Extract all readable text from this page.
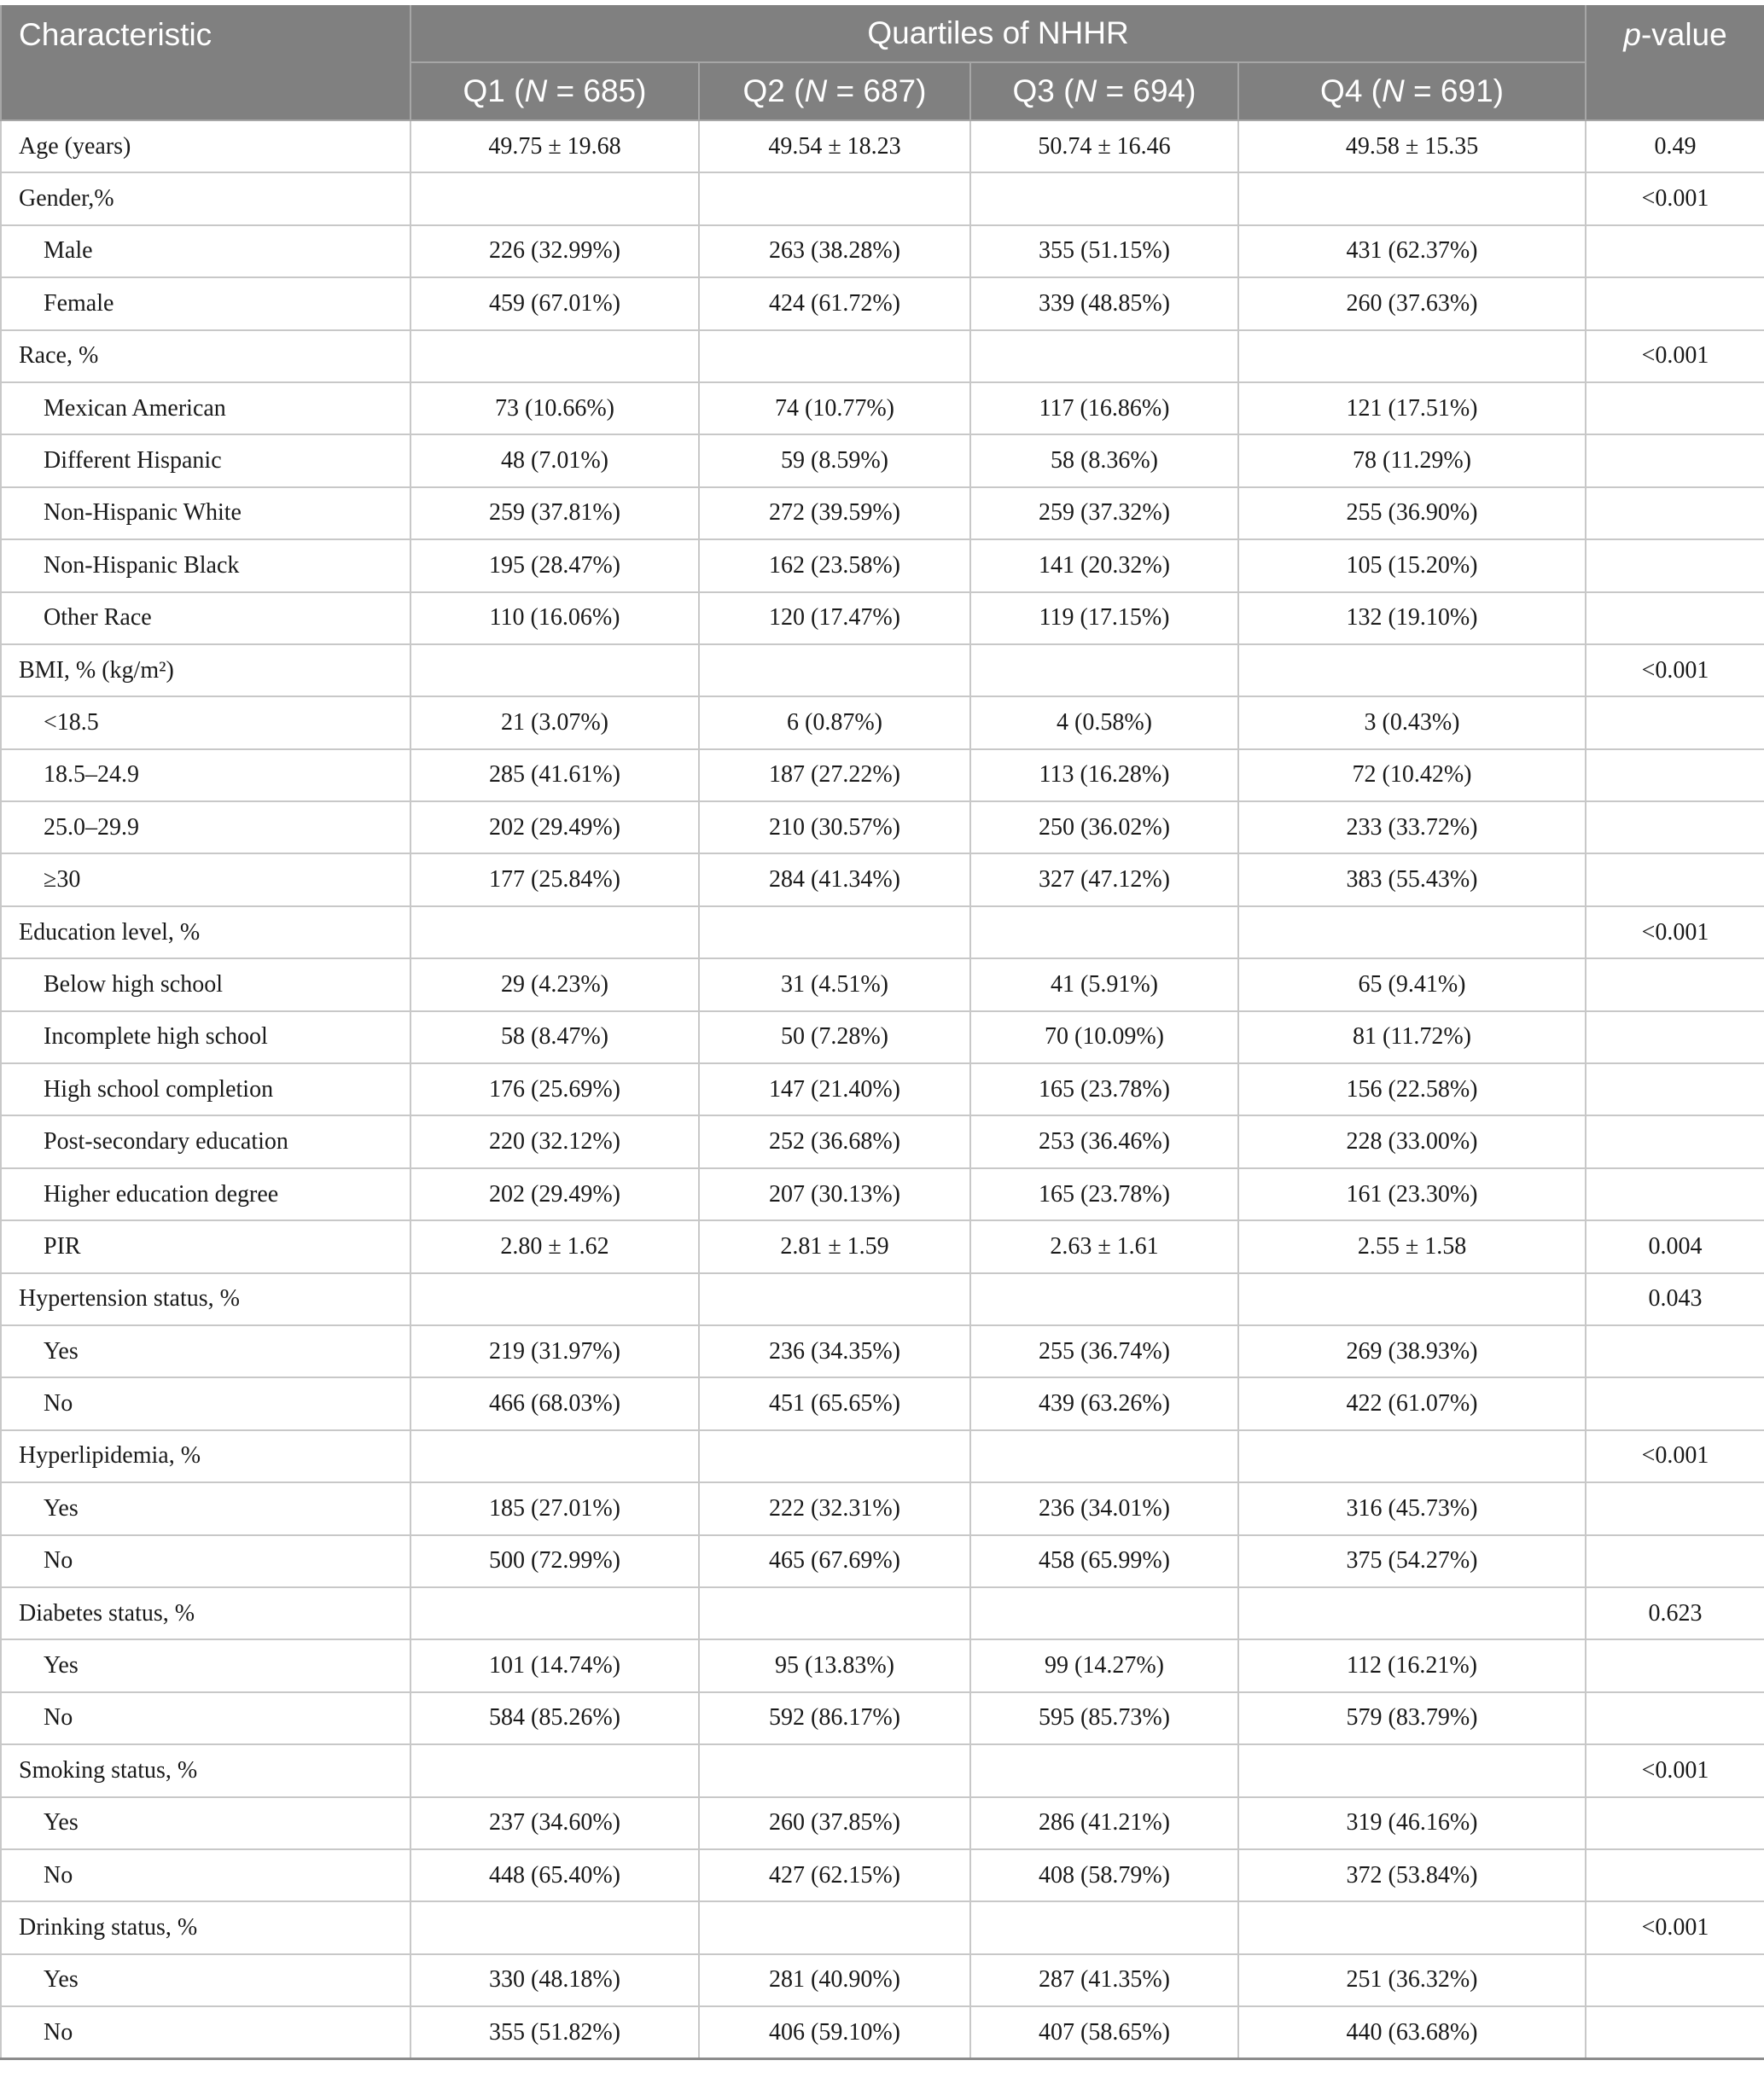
Characteristic	Quartiles of NHHR				p-value
	Q1 (N = 685)	Q2 (N = 687)	Q3 (N = 694)	Q4 (N = 691)	
Age (years)	49.75 ± 19.68	49.54 ± 18.23	50.74 ± 16.46	49.58 ± 15.35	0.49
Gender,%					<0.001
Male	226 (32.99%)	263 (38.28%)	355 (51.15%)	431 (62.37%)	
Female	459 (67.01%)	424 (61.72%)	339 (48.85%)	260 (37.63%)	
Race, %					<0.001
Mexican American	73 (10.66%)	74 (10.77%)	117 (16.86%)	121 (17.51%)	
Different Hispanic	48 (7.01%)	59 (8.59%)	58 (8.36%)	78 (11.29%)	
Non-Hispanic White	259 (37.81%)	272 (39.59%)	259 (37.32%)	255 (36.90%)	
Non-Hispanic Black	195 (28.47%)	162 (23.58%)	141 (20.32%)	105 (15.20%)	
Other Race	110 (16.06%)	120 (17.47%)	119 (17.15%)	132 (19.10%)	
BMI, % (kg/m²)					<0.001
<18.5	21 (3.07%)	6 (0.87%)	4 (0.58%)	3 (0.43%)	
18.5–24.9	285 (41.61%)	187 (27.22%)	113 (16.28%)	72 (10.42%)	
25.0–29.9	202 (29.49%)	210 (30.57%)	250 (36.02%)	233 (33.72%)	
≥30	177 (25.84%)	284 (41.34%)	327 (47.12%)	383 (55.43%)	
Education level, %					<0.001
Below high school	29 (4.23%)	31 (4.51%)	41 (5.91%)	65 (9.41%)	
Incomplete high school	58 (8.47%)	50 (7.28%)	70 (10.09%)	81 (11.72%)	
High school completion	176 (25.69%)	147 (21.40%)	165 (23.78%)	156 (22.58%)	
Post-secondary education	220 (32.12%)	252 (36.68%)	253 (36.46%)	228 (33.00%)	
Higher education degree	202 (29.49%)	207 (30.13%)	165 (23.78%)	161 (23.30%)	
PIR	2.80 ± 1.62	2.81 ± 1.59	2.63 ± 1.61	2.55 ± 1.58	0.004
Hypertension status, %					0.043
Yes	219 (31.97%)	236 (34.35%)	255 (36.74%)	269 (38.93%)	
No	466 (68.03%)	451 (65.65%)	439 (63.26%)	422 (61.07%)	
Hyperlipidemia, %					<0.001
Yes	185 (27.01%)	222 (32.31%)	236 (34.01%)	316 (45.73%)	
No	500 (72.99%)	465 (67.69%)	458 (65.99%)	375 (54.27%)	
Diabetes status, %					0.623
Yes	101 (14.74%)	95 (13.83%)	99 (14.27%)	112 (16.21%)	
No	584 (85.26%)	592 (86.17%)	595 (85.73%)	579 (83.79%)	
Smoking status, %					<0.001
Yes	237 (34.60%)	260 (37.85%)	286 (41.21%)	319 (46.16%)	
No	448 (65.40%)	427 (62.15%)	408 (58.79%)	372 (53.84%)	
Drinking status, %					<0.001
Yes	330 (48.18%)	281 (40.90%)	287 (41.35%)	251 (36.32%)	
No	355 (51.82%)	406 (59.10%)	407 (58.65%)	440 (63.68%)	
